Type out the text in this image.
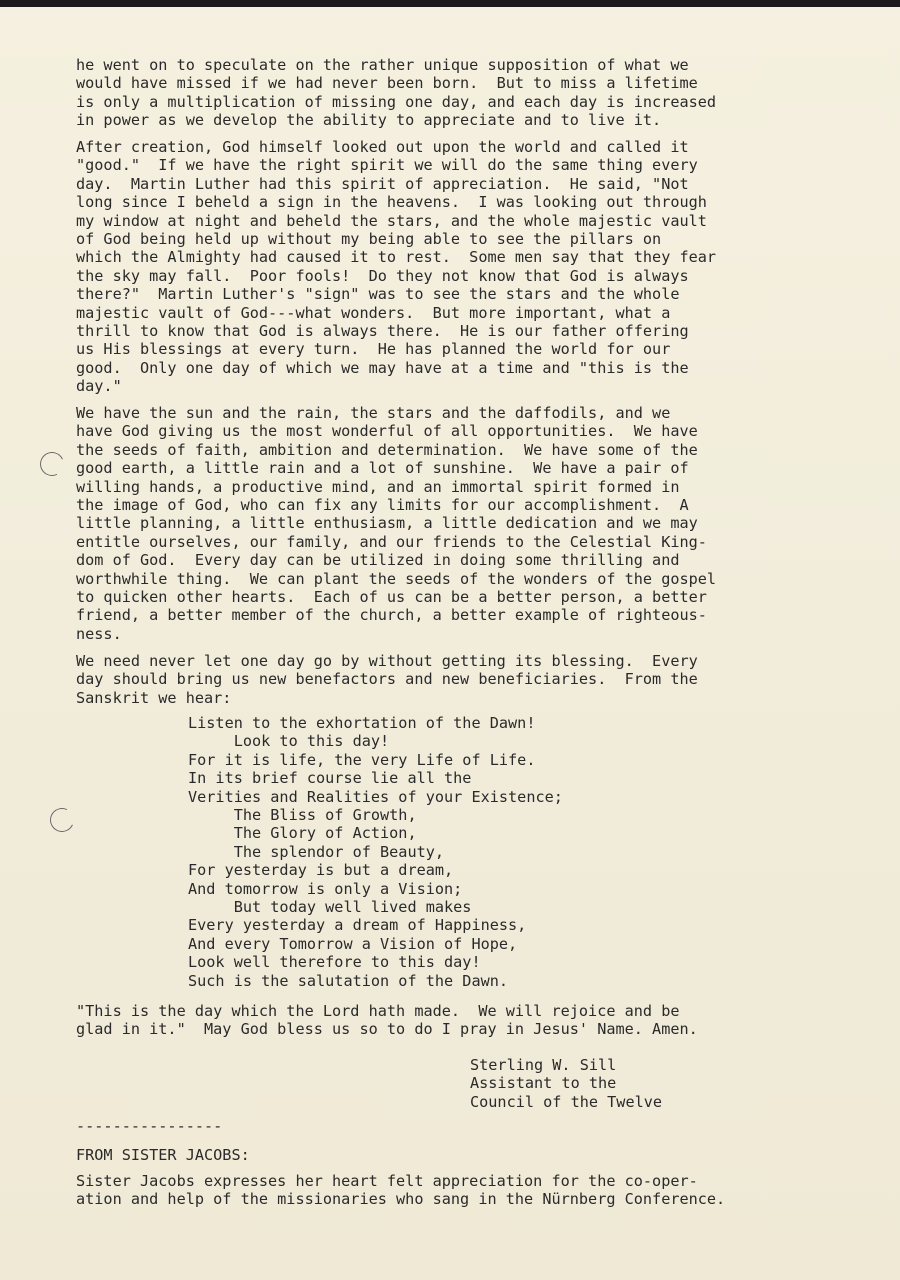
he went on to speculate on the rather unique supposition of what we
would have missed if we had never been born.  But to miss a lifetime
is only a multiplication of missing one day, and each day is increased
in power as we develop the ability to appreciate and to live it.

After creation, God himself looked out upon the world and called it
"good."  If we have the right spirit we will do the same thing every
day.  Martin Luther had this spirit of appreciation.  He said, "Not
long since I beheld a sign in the heavens.  I was looking out through
my window at night and beheld the stars, and the whole majestic vault
of God being held up without my being able to see the pillars on
which the Almighty had caused it to rest.  Some men say that they fear
the sky may fall.  Poor fools!  Do they not know that God is always
there?"  Martin Luther's "sign" was to see the stars and the whole
majestic vault of God---what wonders.  But more important, what a
thrill to know that God is always there.  He is our father offering
us His blessings at every turn.  He has planned the world for our
good.  Only one day of which we may have at a time and "this is the
day."

We have the sun and the rain, the stars and the daffodils, and we
have God giving us the most wonderful of all opportunities.  We have
the seeds of faith, ambition and determination.  We have some of the
good earth, a little rain and a lot of sunshine.  We have a pair of
willing hands, a productive mind, and an immortal spirit formed in
the image of God, who can fix any limits for our accomplishment.  A
little planning, a little enthusiasm, a little dedication and we may
entitle ourselves, our family, and our friends to the Celestial King-
dom of God.  Every day can be utilized in doing some thrilling and
worthwhile thing.  We can plant the seeds of the wonders of the gospel
to quicken other hearts.  Each of us can be a better person, a better
friend, a better member of the church, a better example of righteous-
ness.

We need never let one day go by without getting its blessing.  Every
day should bring us new benefactors and new beneficiaries.  From the
Sanskrit we hear:

Listen to the exhortation of the Dawn!
Look to this day!
For it is life, the very Life of Life.
In its brief course lie all the
Verities and Realities of your Existence;
The Bliss of Growth,
The Glory of Action,
The splendor of Beauty,
For yesterday is but a dream,
And tomorrow is only a Vision;
But today well lived makes
Every yesterday a dream of Happiness,
And every Tomorrow a Vision of Hope,
Look well therefore to this day!
Such is the salutation of the Dawn.

"This is the day which the Lord hath made.  We will rejoice and be
glad in it."  May God bless us so to do I pray in Jesus' Name. Amen.

Sterling W. Sill
Assistant to the
Council of the Twelve

----------------

FROM SISTER JACOBS:

Sister Jacobs expresses her heart felt appreciation for the co-oper-
ation and help of the missionaries who sang in the Nürnberg Conference.
